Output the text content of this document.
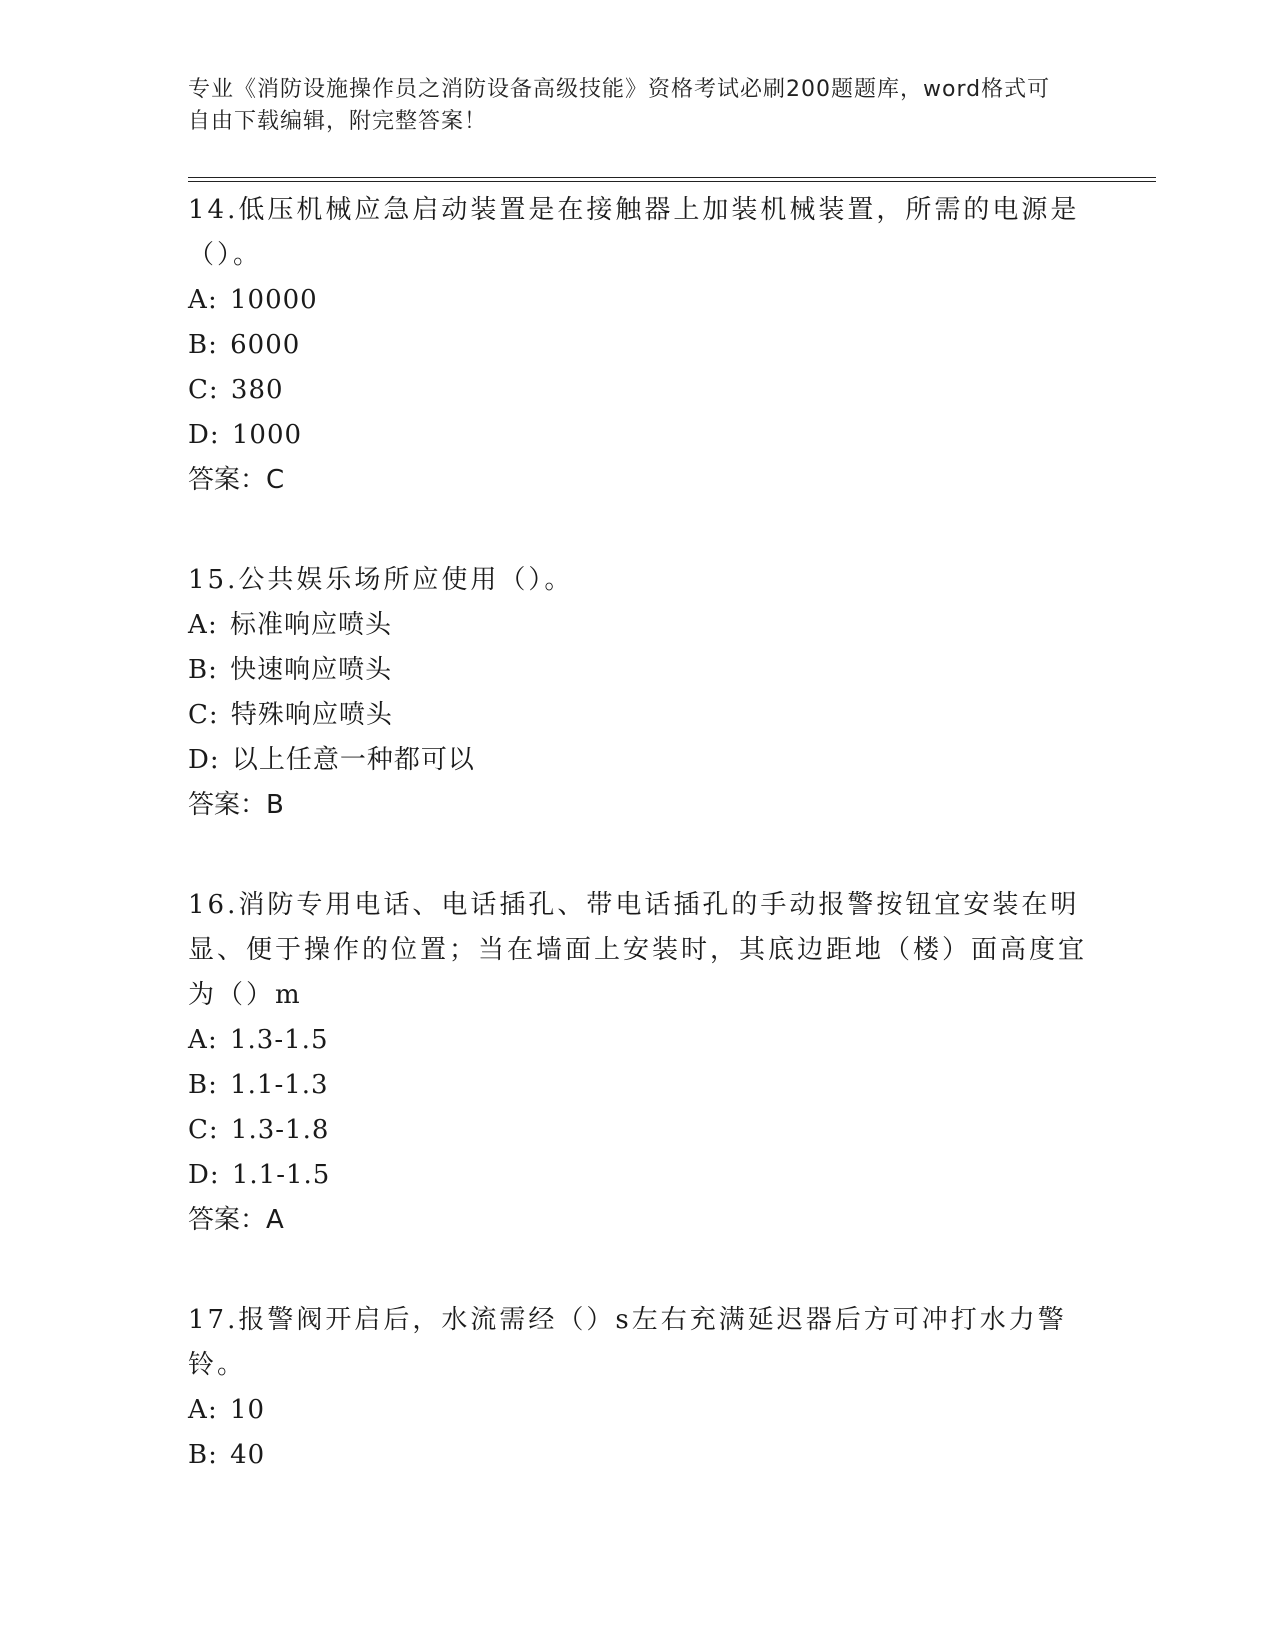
专业《消防设施操作员之消防设备高级技能》资格考试必刷200题题库，word格式可自由下载编辑，附完整答案！
14.低压机械应急启动装置是在接触器上加装机械装置，所需的电源是（）。
A: 10000
B: 6000
C: 380
D: 1000
答案：C
15.公共娱乐场所应使用（）。
A: 标准响应喷头
B: 快速响应喷头
C: 特殊响应喷头
D: 以上任意一种都可以
答案：B
16.消防专用电话、电话插孔、带电话插孔的手动报警按钮宜安装在明显、便于操作的位置；当在墙面上安装时，其底边距地（楼）面高度宜为（）m
A: 1.3-1.5
B: 1.1-1.3
C: 1.3-1.8
D: 1.1-1.5
答案：A
17.报警阀开启后，水流需经（）s左右充满延迟器后方可冲打水力警铃。
A: 10
B: 40
